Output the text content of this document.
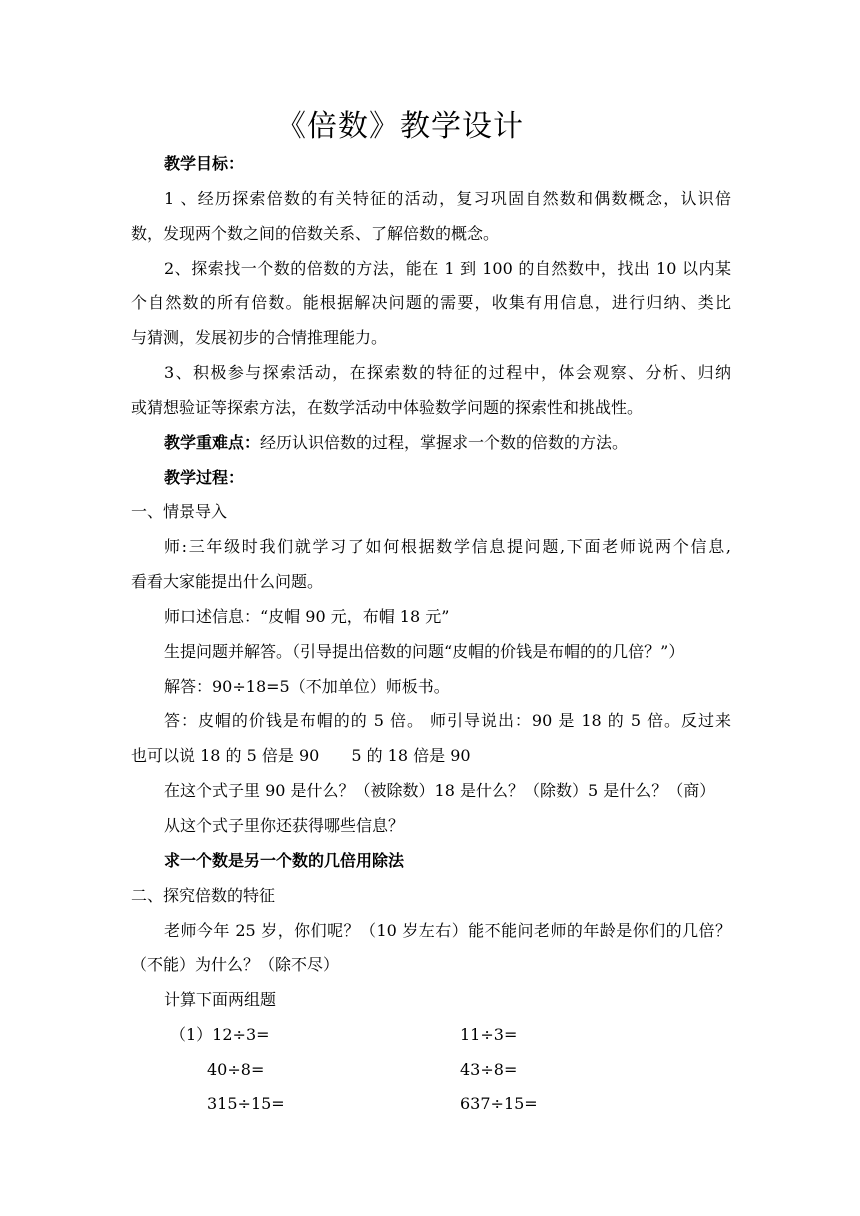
《倍数》教学设计
教学目标：
1 、经历探索倍数的有关特征的活动，复习巩固自然数和偶数概念，认识倍
数，发现两个数之间的倍数关系、了解倍数的概念。
2、探索找一个数的倍数的方法，能在 1 到 100 的自然数中，找出 10 以内某
个自然数的所有倍数。能根据解决问题的需要，收集有用信息，进行归纳、类比
与猜测，发展初步的合情推理能力。
3、积极参与探索活动，在探索数的特征的过程中，体会观察、分析、归纳
或猜想验证等探索方法，在数学活动中体验数学问题的探索性和挑战性。
教学重难点：经历认识倍数的过程，掌握求一个数的倍数的方法。
教学过程：
一、情景导入
师:三年级时我们就学习了如何根据数学信息提问题,下面老师说两个信息,
看看大家能提出什么问题。
师口述信息：“皮帽 90 元，布帽 18 元”
生提问题并解答。（引导提出倍数的问题“皮帽的价钱是布帽的的几倍？”）
解答：90÷18=5（不加单位）师板书。
答：皮帽的价钱是布帽的的 5 倍。 师引导说出：90 是 18 的 5 倍。反过来
也可以说 18 的 5 倍是 90　　5 的 18 倍是 90
在这个式子里 90 是什么？（被除数）18 是什么？（除数）5 是什么？（商）
从这个式子里你还获得哪些信息？
求一个数是另一个数的几倍用除法
二、探究倍数的特征
老师今年 25 岁，你们呢？（10 岁左右）能不能问老师的年龄是你们的几倍？
（不能）为什么？（除不尽）
计算下面两组题
（1）12÷3=	11÷3=
40÷8=	43÷8=
315÷15=	637÷15=
